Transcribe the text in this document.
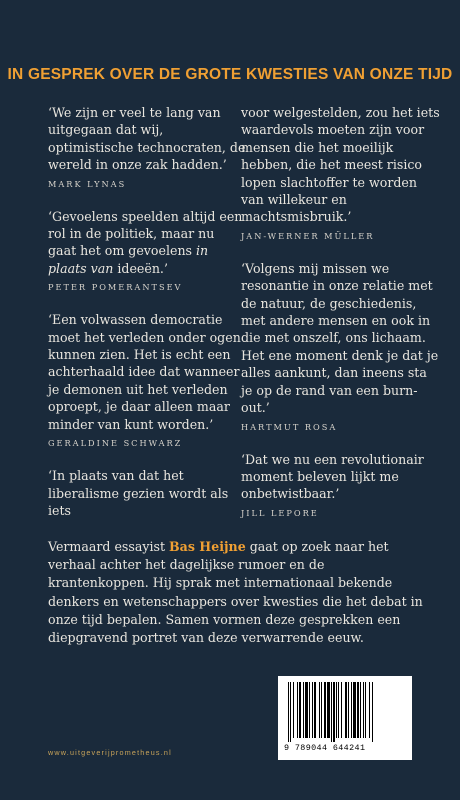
IN GESPREK OVER DE GROTE KWESTIES VAN ONZE TIJD

‘We zijn er veel te lang van uitgegaan dat wij, optimistische technocraten, de wereld in onze zak hadden.’

MARK LYNAS

‘Gevoelens speelden altijd een rol in de politiek, maar nu gaat het om gevoelens in plaats van ideeën.’

PETER POMERANTSEV

‘Een volwassen democratie moet het verleden onder ogen kunnen zien. Het is echt een achterhaald idee dat wanneer je demonen uit het verleden oproept, je daar alleen maar minder van kunt worden.’

GERALDINE SCHWARZ

‘In plaats van dat het liberalisme gezien wordt als iets

voor welgestelden, zou het iets waardevols moeten zijn voor mensen die het moeilijk hebben, die het meest risico lopen slachtoffer te worden van willekeur en machtsmisbruik.’

JAN-WERNER MÜLLER

‘Volgens mij missen we resonantie in onze relatie met de natuur, de geschiedenis, met andere mensen en ook in die met onszelf, ons lichaam. Het ene moment denk je dat je alles aankunt, dan ineens sta je op de rand van een burn-out.’

HARTMUT ROSA

‘Dat we nu een revolutionair moment beleven lijkt me onbetwistbaar.’

JILL LEPORE

Vermaard essayist Bas Heijne gaat op zoek naar het verhaal achter het dagelijkse rumoer en de krantenkoppen. Hij sprak met internationaal bekende denkers en wetenschappers over kwesties die het debat in onze tijd bepalen. Samen vormen deze gesprekken een diepgravend portret van deze verwarrende eeuw.

www.uitgeverijprometheus.nl	9 789044 644241
